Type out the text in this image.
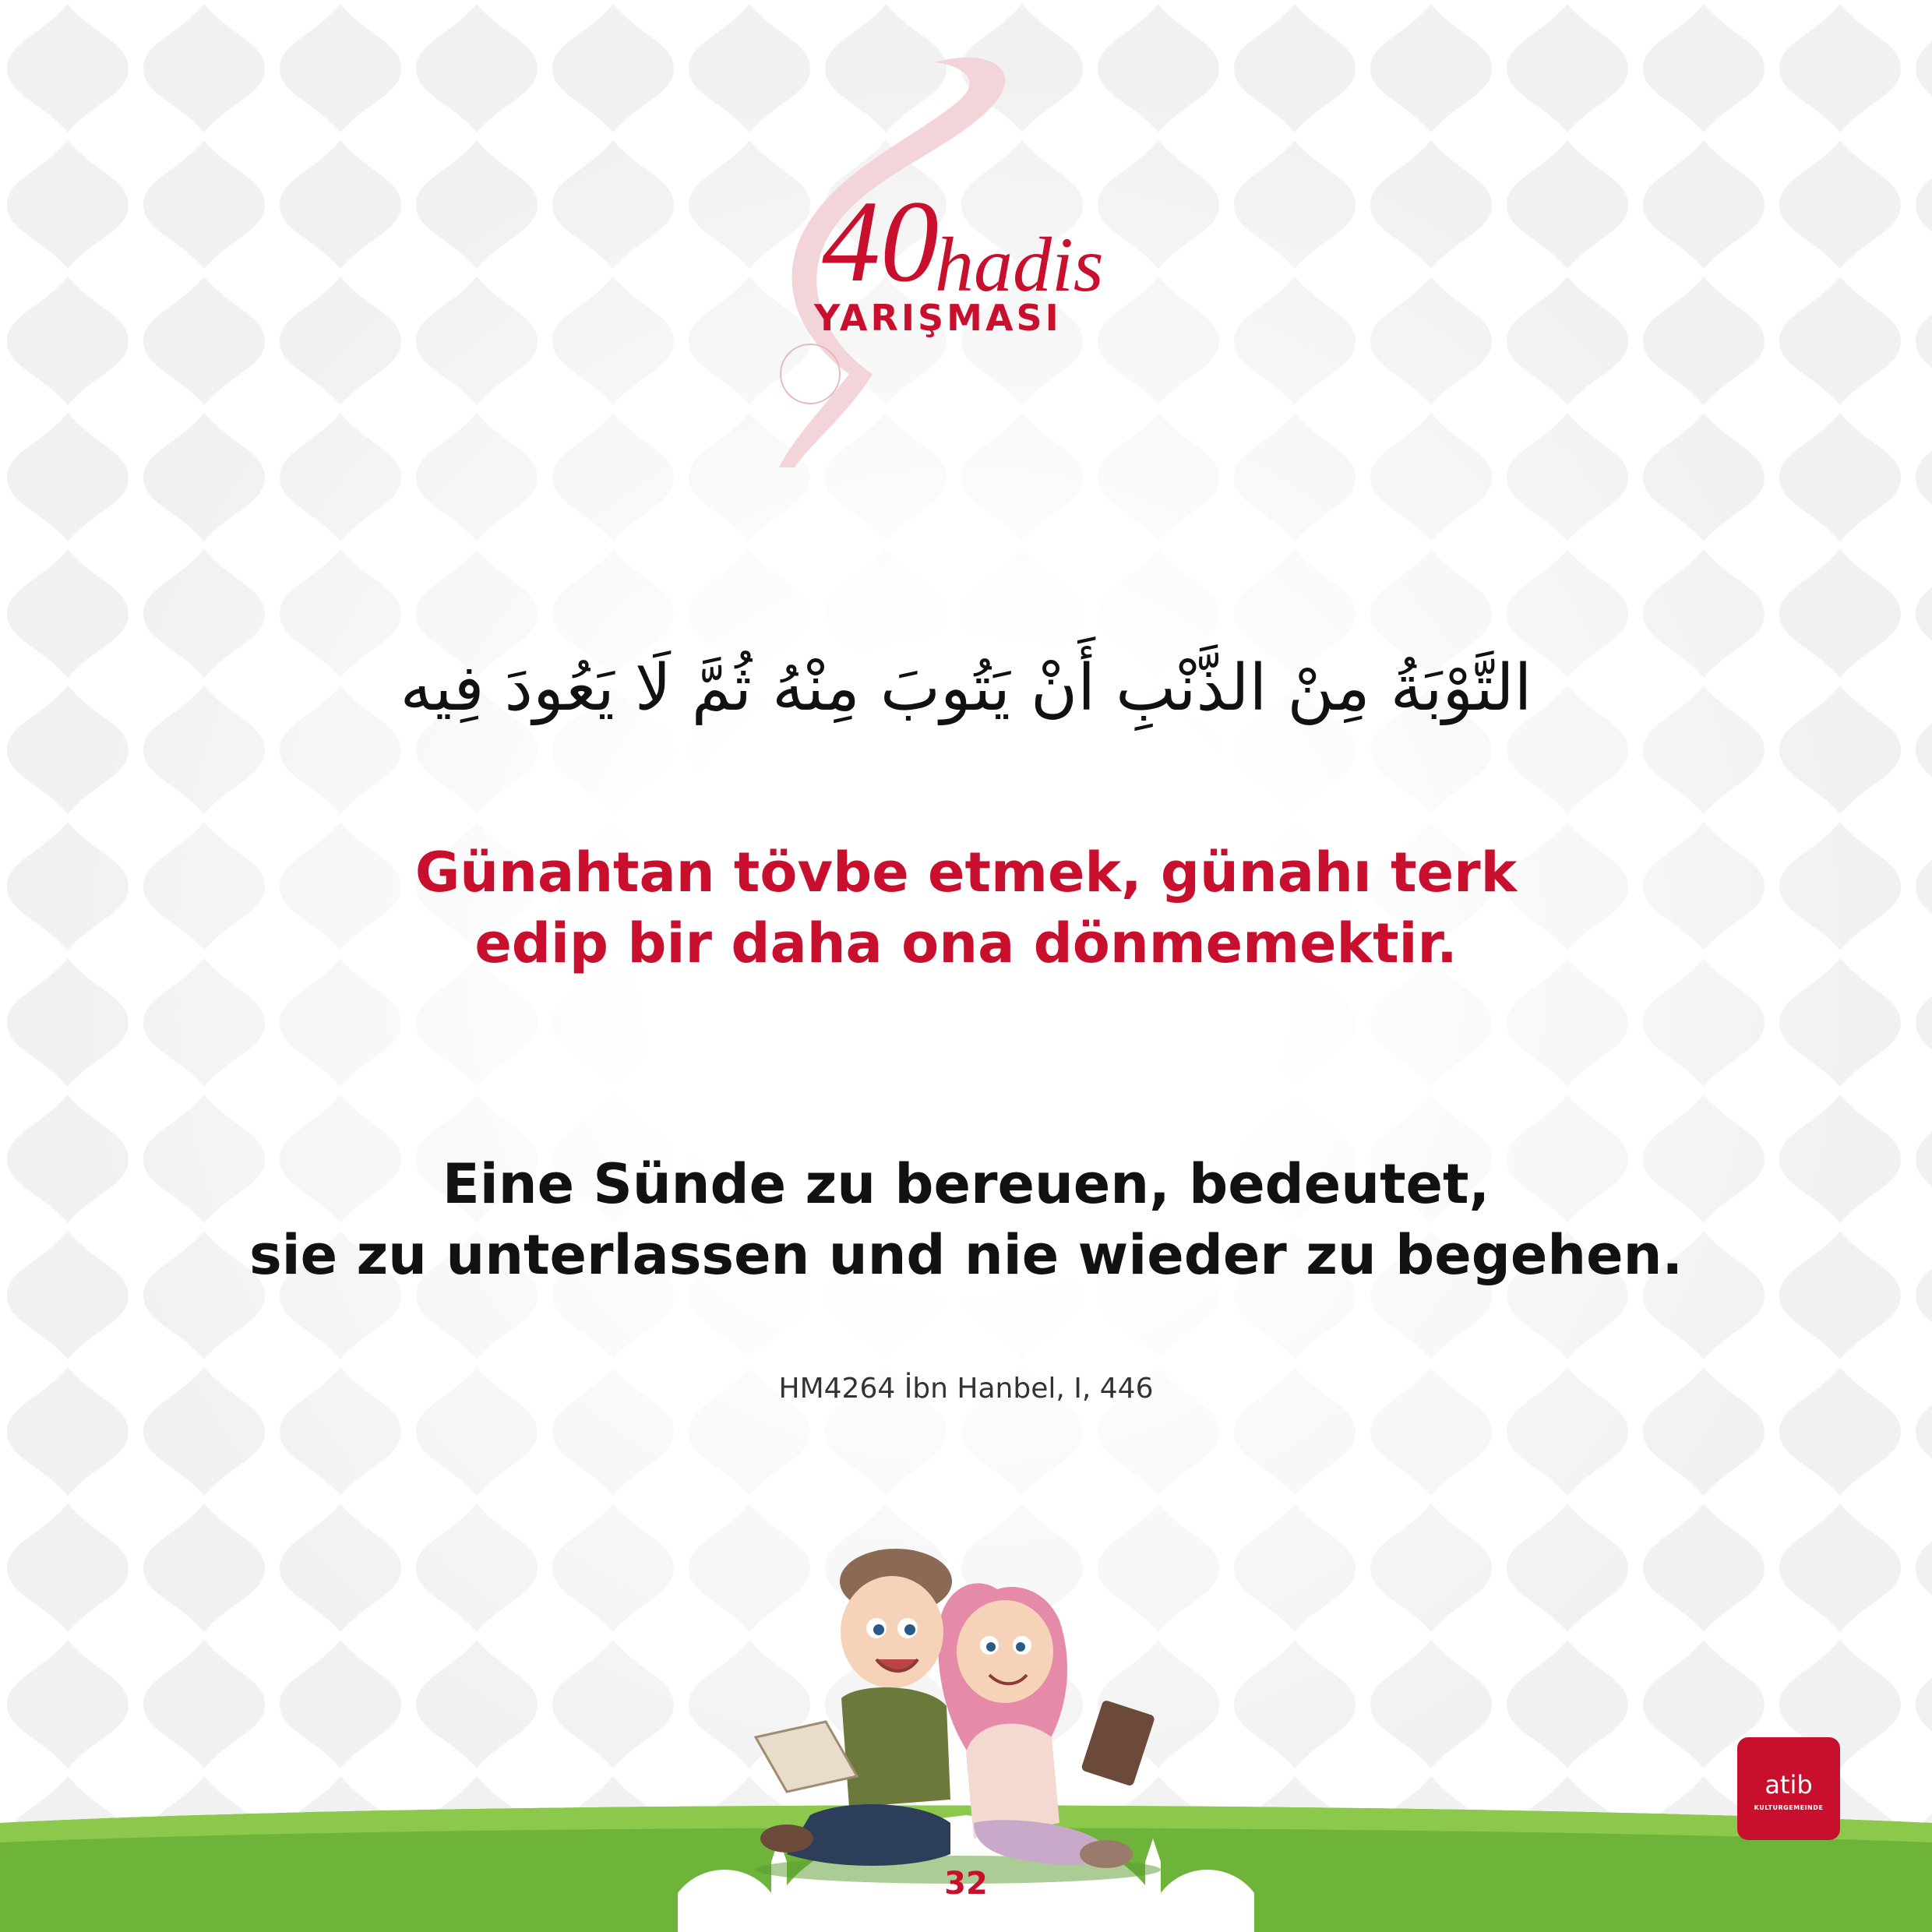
40
hadis
YARIŞMASI
التَّوْبَةُ مِنْ الذَّنْبِ أَنْ يَتُوبَ مِنْهُ ثُمَّ لَا يَعُودَ فِيه
Günahtan tövbe etmek, günahı terk
edip bir daha ona dönmemektir.
Eine Sünde zu bereuen, bedeutet,
sie zu unterlassen und nie wieder zu begehen.
HM4264 İbn Hanbel, I, 446
32
atib
KULTURGEMEINDE
